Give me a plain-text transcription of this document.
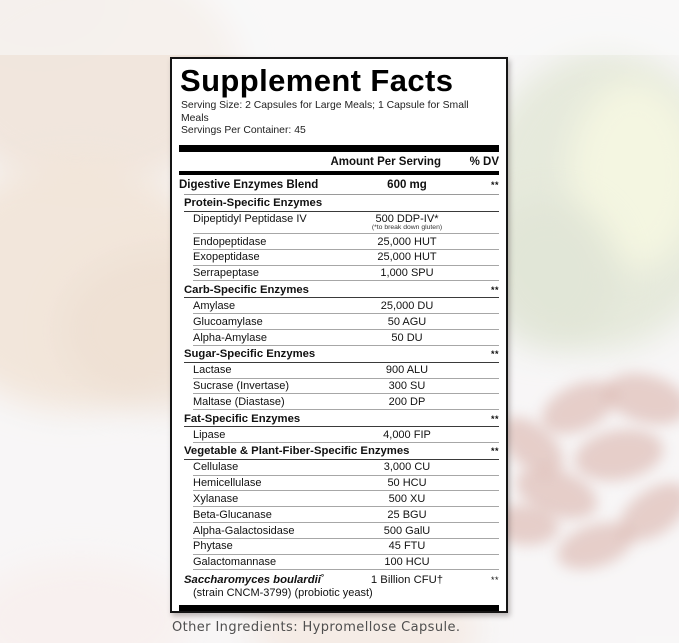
Supplement Facts
Serving Size: 2 Capsules for Large Meals; 1 Capsule for Small Meals
Servings Per Container: 45
Amount Per Serving % DV
Digestive Enzymes Blend	600 mg	**
Protein-Specific Enzymes
Dipeptidyl Peptidase IV	500 DDP-IV*
(*to break down gluten)
Endopeptidase	25,000 HUT
Exopeptidase	25,000 HUT
Serrapeptase	1,000 SPU
Carb-Specific Enzymes	**
Amylase	25,000 DU
Glucoamylase	50 AGU
Alpha-Amylase	50 DU
Sugar-Specific Enzymes	**
Lactase	900 ALU
Sucrase (Invertase)	300 SU
Maltase (Diastase)	200 DP
Fat-Specific Enzymes	**
Lipase	4,000 FIP
Vegetable & Plant-Fiber-Specific Enzymes	**
Cellulase	3,000 CU
Hemicellulase	50 HCU
Xylanase	500 XU
Beta-Glucanase	25 BGU
Alpha-Galactosidase	500 GalU
Phytase	45 FTU
Galactomannase	100 HCU
Saccharomyces boulardii°	1 Billion CFU†	**
(strain CNCM-3799) (probiotic yeast)
Other Ingredients: Hypromellose Capsule.
